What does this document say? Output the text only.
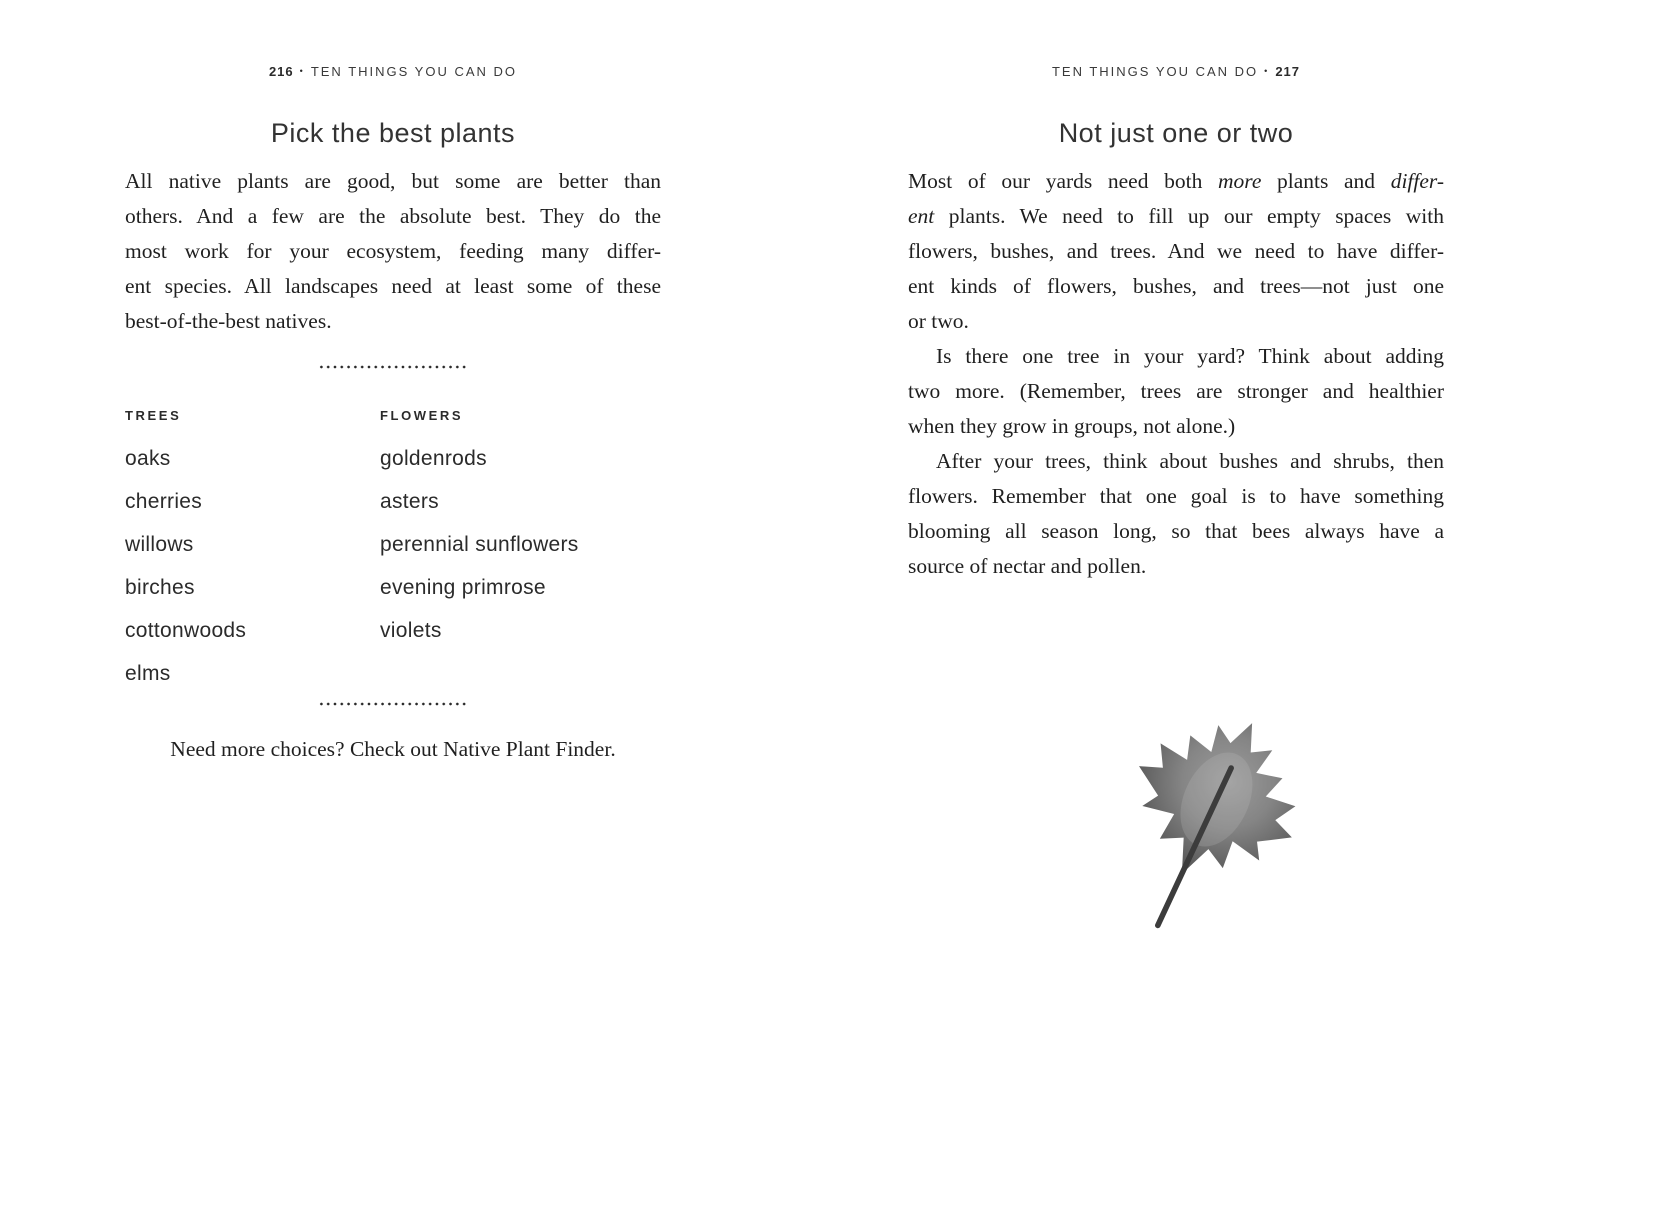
216 • TEN THINGS YOU CAN DO
Pick the best plants
All native plants are good, but some are better than
others. And a few are the absolute best. They do the
most work for your ecosystem, feeding many differ-
ent species. All landscapes need at least some of these
best-of-the-best natives.
TREES
oaks
cherries
willows
birches
cottonwoods
elms
FLOWERS
goldenrods
asters
perennial sunflowers
evening primrose
violets

Need more choices? Check out Native Plant Finder.

TEN THINGS YOU CAN DO • 217
Not just one or two
Most of our yards need both more plants and differ-
ent plants. We need to fill up our empty spaces with
flowers, bushes, and trees. And we need to have differ-
ent kinds of flowers, bushes, and trees—not just one
or two.
Is there one tree in your yard? Think about adding
two more. (Remember, trees are stronger and healthier
when they grow in groups, not alone.)
After your trees, think about bushes and shrubs, then
flowers. Remember that one goal is to have something
blooming all season long, so that bees always have a
source of nectar and pollen.
